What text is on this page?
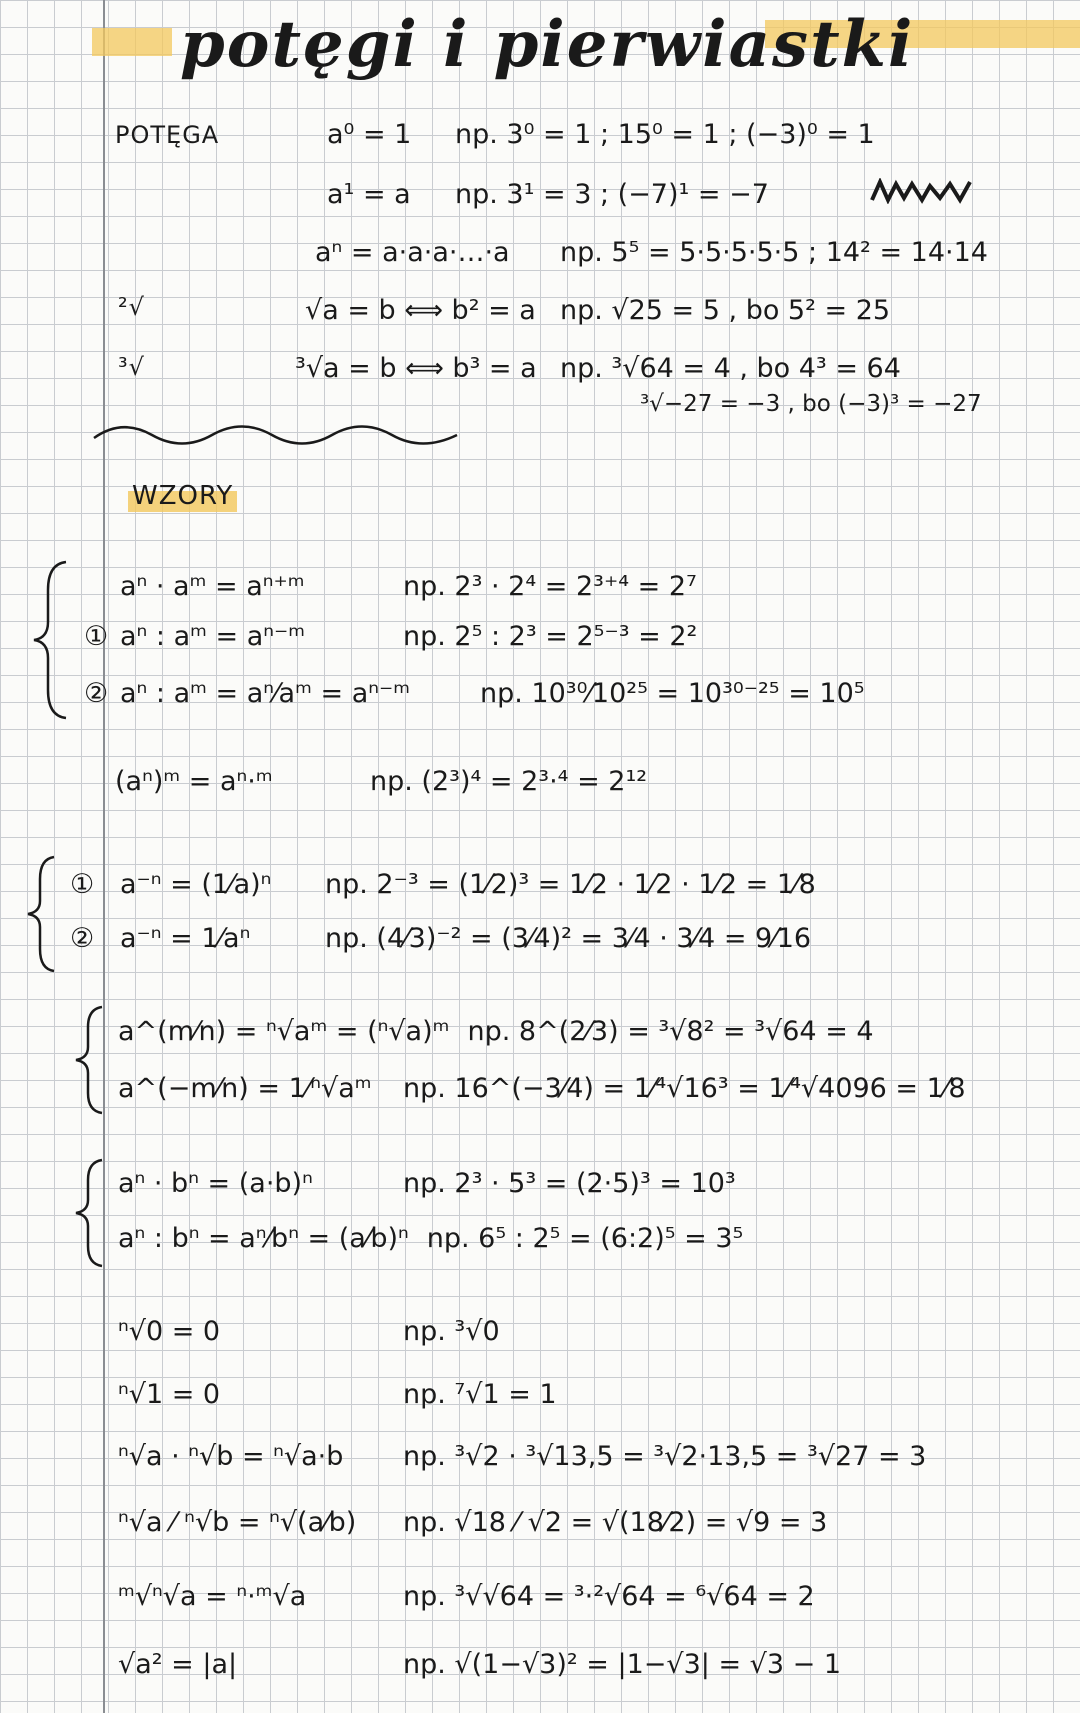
potęgi i pierwiastki
POTĘGA
²√
³√
a⁰ = 1	np. 3⁰ = 1 ; 15⁰ = 1 ; (−3)⁰ = 1
a¹ = a	np. 3¹ = 3 ; (−7)¹ = −7
aⁿ = a·a·a·…·a	np. 5⁵ = 5·5·5·5·5 ; 14² = 14·14
√a = b ⟺ b² = a np. √25 = 5 , bo 5² = 25
³√a = b ⟺ b³ = a np. ³√64 = 4 , bo 4³ = 64
³√−27 = −3 , bo (−3)³ = −27
WZORY
①
②
①
②
aⁿ · aᵐ = aⁿ⁺ᵐ	np. 2³ · 2⁴ = 2³⁺⁴ = 2⁷
aⁿ : aᵐ = aⁿ⁻ᵐ	np. 2⁵ : 2³ = 2⁵⁻³ = 2²
aⁿ : aᵐ = aⁿ⁄aᵐ = aⁿ⁻ᵐ	np. 10³⁰⁄10²⁵ = 10³⁰⁻²⁵ = 10⁵
(aⁿ)ᵐ = aⁿ·ᵐ	np. (2³)⁴ = 2³·⁴ = 2¹²
a⁻ⁿ = (1⁄a)ⁿ	np. 2⁻³ = (1⁄2)³ = 1⁄2 · 1⁄2 · 1⁄2 = 1⁄8
a⁻ⁿ = 1⁄aⁿ	np. (4⁄3)⁻² = (3⁄4)² = 3⁄4 · 3⁄4 = 9⁄16
a^(m⁄n) = ⁿ√aᵐ = (ⁿ√a)ᵐ np. 8^(2⁄3) = ³√8² = ³√64 = 4
a^(−m⁄n) = 1⁄ⁿ√aᵐ	np. 16^(−3⁄4) = 1⁄⁴√16³ = 1⁄⁴√4096 = 1⁄8
aⁿ · bⁿ = (a·b)ⁿ	np. 2³ · 5³ = (2·5)³ = 10³
aⁿ : bⁿ = aⁿ⁄bⁿ = (a⁄b)ⁿ np. 6⁵ : 2⁵ = (6:2)⁵ = 3⁵
ⁿ√0 = 0	np. ³√0
ⁿ√1 = 0	np. ⁷√1 = 1
ⁿ√a · ⁿ√b = ⁿ√a·b	np. ³√2 · ³√13,5 = ³√2·13,5 = ³√27 = 3
ⁿ√a ⁄ ⁿ√b = ⁿ√(a⁄b)	np. √18 ⁄ √2 = √(18⁄2) = √9 = 3
ᵐ√ⁿ√a = ⁿ·ᵐ√a	np. ³√√64 = ³·²√64 = ⁶√64 = 2
√a² = |a|	np. √(1−√3)² = |1−√3| = √3 − 1
